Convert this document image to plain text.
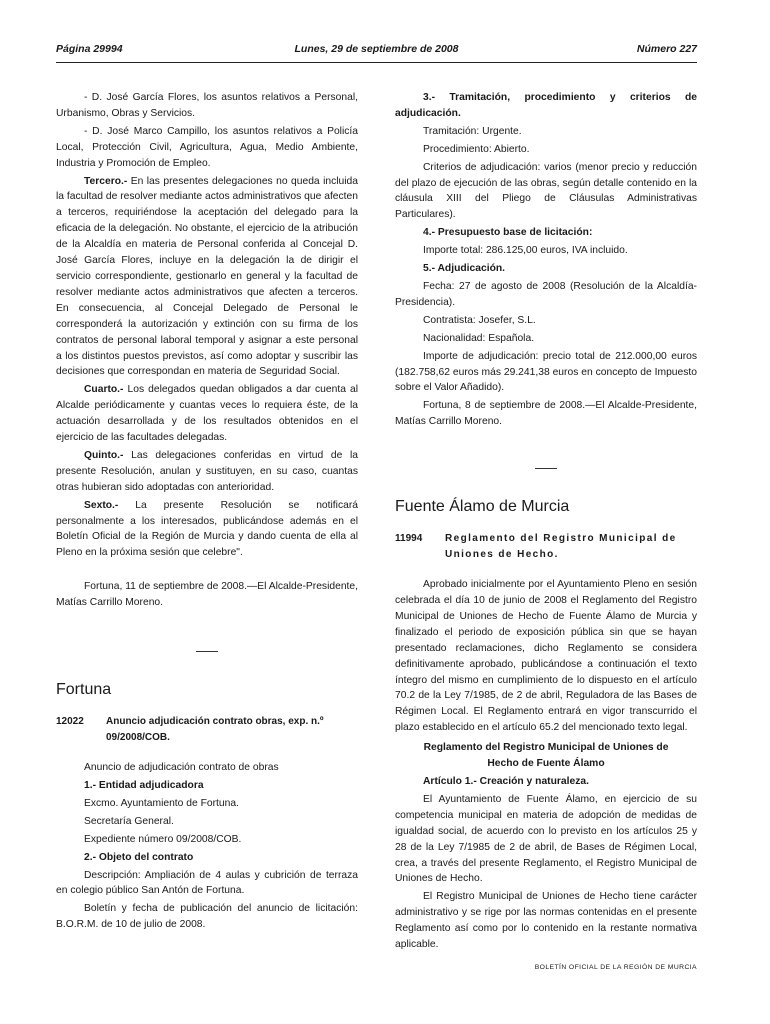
Lunes, 29 de septiembre de 2008
Página 29994	Número 227

- D. José García Flores, los asuntos relativos a Personal, Urbanismo, Obras y Servicios.

- D. José Marco Campillo, los asuntos relativos a Policía Local, Protección Civil, Agricultura, Agua, Medio Ambiente, Industria y Promoción de Empleo.

Tercero.- En las presentes delegaciones no queda incluida la facultad de resolver mediante actos administrativos que afecten a terceros, requiriéndose la aceptación del delegado para la eficacia de la delegación. No obstante, el ejercicio de la atribución de la Alcaldía en materia de Personal conferida al Concejal D. José García Flores, incluye en la delegación la de dirigir el servicio correspondiente, gestionarlo en general y la facultad de resolver mediante actos administrativos que afecten a terceros. En consecuencia, al Concejal Delegado de Personal le corresponderá la autorización y extinción con su firma de los contratos de personal laboral temporal y asignar a este personal a los distintos puestos previstos, así como adoptar y suscribir las decisiones que correspondan en materia de Seguridad Social.

Cuarto.- Los delegados quedan obligados a dar cuenta al Alcalde periódicamente y cuantas veces lo requiera éste, de la actuación desarrollada y de los resultados obtenidos en el ejercicio de las facultades delegadas.

Quinto.- Las delegaciones conferidas en virtud de la presente Resolución, anulan y sustituyen, en su caso, cuantas otras hubieran sido adoptadas con anterioridad.

Sexto.- La presente Resolución se notificará personalmente a los interesados, publicándose además en el Boletín Oficial de la Región de Murcia y dando cuenta de ella al Pleno en la próxima sesión que celebre".

Fortuna, 11 de septiembre de 2008.—El Alcalde-Presidente, Matías Carrillo Moreno.

Fortuna
12022	Anuncio adjudicación contrato obras, exp. n.º 09/2008/COB.

Anuncio de adjudicación contrato de obras

1.- Entidad adjudicadora

Excmo. Ayuntamiento de Fortuna.

Secretaría General.

Expediente número 09/2008/COB.

2.- Objeto del contrato

Descripción: Ampliación de 4 aulas y cubrición de terraza en colegio público San Antón de Fortuna.

Boletín y fecha de publicación del anuncio de licitación: B.O.R.M. de 10 de julio de 2008.

3.- Tramitación, procedimiento y criterios de adjudicación.

Tramitación: Urgente.

Procedimiento: Abierto.

Criterios de adjudicación: varios (menor precio y reducción del plazo de ejecución de las obras, según detalle contenido en la cláusula XIII del Pliego de Cláusulas Administrativas Particulares).

4.- Presupuesto base de licitación:

Importe total: 286.125,00 euros, IVA incluido.

5.- Adjudicación.

Fecha: 27 de agosto de 2008 (Resolución de la Alcaldía-Presidencia).

Contratista: Josefer, S.L.

Nacionalidad: Española.

Importe de adjudicación: precio total de 212.000,00 euros (182.758,62 euros más 29.241,38 euros en concepto de Impuesto sobre el Valor Añadido).

Fortuna, 8 de septiembre de 2008.—El Alcalde-Presidente, Matías Carrillo Moreno.

Fuente Álamo de Murcia
11994	Reglamento del Registro Municipal de Uniones de Hecho.

Aprobado inicialmente por el Ayuntamiento Pleno en sesión celebrada el día 10 de junio de 2008 el Reglamento del Registro Municipal de Uniones de Hecho de Fuente Álamo de Murcia y finalizado el periodo de exposición pública sin que se hayan presentado reclamaciones, dicho Reglamento se considera definitivamente aprobado, publicándose a continuación el texto íntegro del mismo en cumplimiento de lo dispuesto en el artículo 70.2 de la Ley 7/1985, de 2 de abril, Reguladora de las Bases de Régimen Local. El Reglamento entrará en vigor transcurrido el plazo establecido en el artículo 65.2 del mencionado texto legal.

Reglamento del Registro Municipal de Uniones de Hecho de Fuente Álamo

Artículo 1.- Creación y naturaleza.

El Ayuntamiento de Fuente Álamo, en ejercicio de su competencia municipal en materia de adopción de medidas de igualdad social, de acuerdo con lo previsto en los artículos 25 y 28 de la Ley 7/1985 de 2 de abril, de Bases de Régimen Local, crea, a través del presente Reglamento, el Registro Municipal de Uniones de Hecho.

El Registro Municipal de Uniones de Hecho tiene carácter administrativo y se rige por las normas contenidas en el presente Reglamento así como por lo contenido en la restante normativa aplicable.

BOLETÍN OFICIAL DE LA REGIÓN DE MURCIA
